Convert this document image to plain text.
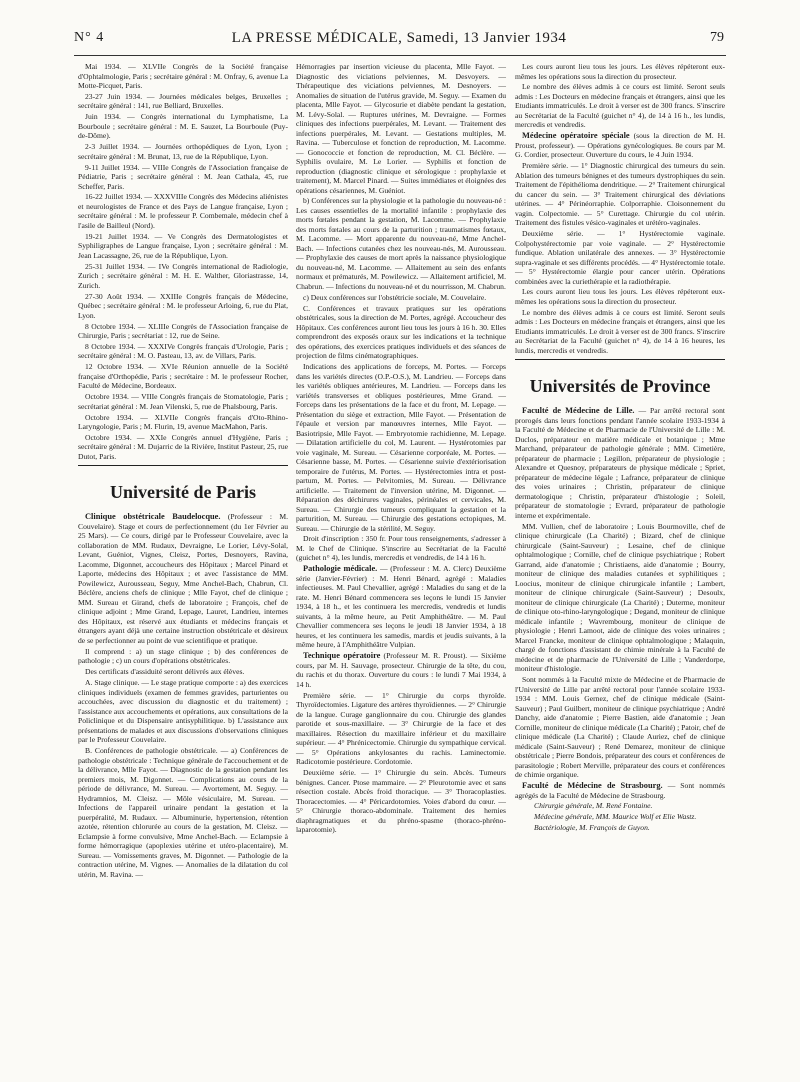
N° 4	LA PRESSE MÉDICALE, Samedi, 13 Janvier 1934	79

Mai 1934. — XLVIIe Congrès de la Société française d'Ophtalmologie, Paris ; secrétaire général : M. Onfray, 6, avenue La Motte-Picquet, Paris.

23-27 Juin 1934. — Journées médicales belges, Bruxelles ; secrétaire général : 141, rue Belliard, Bruxelles.

Juin 1934. — Congrès international du Lymphatisme, La Bourboule ; secrétaire général : M. E. Sauzet, La Bourboule (Puy-de-Dôme).

2-3 Juillet 1934. — Journées orthopédiques de Lyon, Lyon ; secrétaire général : M. Brunat, 13, rue de la République, Lyon.

9-11 Juillet 1934. — VIIIe Congrès de l'Association française de Pédiatrie, Paris ; secrétaire général : M. Jean Cathala, 45, rue Scheffer, Paris.

16-22 Juillet 1934. — XXXVIIIe Congrès des Médecins aliénistes et neurologistes de France et des Pays de Langue française, Lyon ; secrétaire général : M. le professeur P. Combemale, médecin chef à l'asile de Bailleul (Nord).

19-21 Juillet 1934. — Ve Congrès des Dermatologistes et Syphiligraphes de Langue française, Lyon ; secrétaire général : M. Jean Lacassagne, 26, rue de la République, Lyon.

25-31 Juillet 1934. — IVe Congrès international de Radiologie, Zurich ; secrétaire général : M. H. E. Walther, Gloriastrasse, 14, Zurich.

27-30 Août 1934. — XXIIIe Congrès français de Médecine, Québec ; secrétaire général : M. le professeur Arloing, 6, rue du Plat, Lyon.

8 Octobre 1934. — XLIIIe Congrès de l'Association française de Chirurgie, Paris ; secrétariat : 12, rue de Seine.

8 Octobre 1934. — XXXIVe Congrès français d'Urologie, Paris ; secrétaire général : M. O. Pasteau, 13, av. de Villars, Paris.

12 Octobre 1934. — XVIe Réunion annuelle de la Société française d'Orthopédie, Paris ; secrétaire : M. le professeur Rocher, Faculté de Médecine, Bordeaux.

Octobre 1934. — VIIIe Congrès français de Stomatologie, Paris ; secrétariat général : M. Jean Vilenski, 5, rue de Phalsbourg, Paris.

Octobre 1934. — XLVIIe Congrès français d'Oto-Rhino-Laryngologie, Paris ; M. Flurin, 19, avenue MacMahon, Paris.

Octobre 1934. — XXIe Congrès annuel d'Hygiène, Paris ; secrétaire général : M. Dujarric de la Rivière, Institut Pasteur, 25, rue Dutot, Paris.

Université de Paris

Clinique obstétricale Baudelocque. (Professeur : M. Couvelaire). Stage et cours de perfectionnement (du 1er Février au 25 Mars). — Ce cours, dirigé par le Professeur Couvelaire, avec la collaboration de MM. Rudaux, Devraigne, Le Lorier, Lévy-Solal, Levant, Guéniot, Vignes, Cleisz, Portes, Desnoyers, Ravina, Lacomme, Digonnet, accoucheurs des Hôpitaux ; Marcel Pinard et Laporte, médecins des Hôpitaux ; et avec l'assistance de MM. Powilewicz, Aurousseau, Seguy, Mme Anchel-Bach, Chabrun, Cl. Béclère, anciens chefs de clinique ; Mlle Fayot, chef de clinique ; MM. Sureau et Girand, chefs de laboratoire ; François, chef de clinique adjoint ; Mme Grand, Lepage, Lauret, Landrieu, internes des Hôpitaux, est réservé aux étudiants et médecins français et étrangers ayant déjà une certaine instruction obstétricale et désireux de se perfectionner au point de vue scientifique et pratique.

Il comprend : a) un stage clinique ; b) des conférences de pathologie ; c) un cours d'opérations obstétricales.

Des certificats d'assiduité seront délivrés aux élèves.

A. Stage clinique. — Le stage pratique comporte : a) des exercices cliniques individuels (examen de femmes gravides, parturientes ou accouchées, avec discussion du diagnostic et du traitement) ; l'assistance aux accouchements et opérations, aux consultations de la Policlinique et du Dispensaire antisyphilitique. b) L'assistance aux présentations de malades et aux discussions d'observations cliniques par le Professeur Couvelaire.

B. Conférences de pathologie obstétricale. — a) Conférences de pathologie obstétricale : Technique générale de l'accouchement et de la délivrance, Mlle Fayot. — Diagnostic de la gestation pendant les premiers mois, M. Digonnet. — Complications au cours de la période de délivrance, M. Sureau. — Avortement, M. Seguy. — Hydramnios, M. Cleisz. — Môle vésiculaire, M. Sureau. — Infections de l'appareil urinaire pendant la gestation et la puerpéralité, M. Rudaux. — Albuminurie, hypertension, rétention azotée, rétention chlorurée au cours de la gestation, M. Cleisz. — Eclampsie à forme convulsive, Mme Anchel-Bach. — Eclampsie à forme hémorragique (apoplexies utérine et utéro-placentaire), M. Sureau. — Vomissements graves, M. Digonnet. — Pathologie de la contraction utérine, M. Vignes. — Anomalies de la dilatation du col utérin, M. Ravina. —

Hémorragies par insertion vicieuse du placenta, Mlle Fayot. — Diagnostic des viciations pelviennes, M. Desvoyers. — Thérapeutique des viciations pelviennes, M. Desnoyers. — Anomalies de situation de l'utérus gravide, M. Seguy. — Examen du placenta, Mlle Fayot. — Glycosurie et diabète pendant la gestation, M. Lévy-Solal. — Ruptures utérines, M. Devraigne. — Formes cliniques des infections puerpérales, M. Levant. — Traitement des infections puerpérales, M. Levant. — Gestations multiples, M. Ravina. — Tuberculose et fonction de reproduction, M. Lacomme. — Gonococcie et fonction de reproduction, M. Cl. Béclère. — Syphilis ovulaire, M. Le Lorier. — Syphilis et fonction de reproduction (diagnostic clinique et sérologique : prophylaxie et traitement), M. Marcel Pinard. — Suites immédiates et éloignées des opérations césariennes, M. Guéniot.

b) Conférences sur la physiologie et la pathologie du nouveau-né : Les causes essentielles de la mortalité infantile : prophylaxie des morts fœtales pendant la gestation, M. Lacomme. — Prophylaxie des morts fœtales au cours de la parturition ; traumatismes fœtaux, M. Lacomme. — Mort apparente du nouveau-né, Mme Anchel-Bach. — Infections cutanées chez les nouveau-nés, M. Aurousseau. — Prophylaxie des causes de mort après la naissance physiologique du nouveau-né, M. Lacomme. — Allaitement au sein des enfants normaux et prématurés, M. Powilewicz. — Allaitement artificiel, M. Chabrun. — Infections du nouveau-né et du nourrisson, M. Chabrun.

c) Deux conférences sur l'obstétricie sociale, M. Couvelaire.

C. Conférences et travaux pratiques sur les opérations obstétricales, sous la direction de M. Portes, agrégé. Accoucheur des Hôpitaux. Ces conférences auront lieu tous les jours à 16 h. 30. Elles comprendront des exposés oraux sur les indications et la technique des opérations, des exercices pratiques individuels et des séances de projection de films cinématographiques.

Indications des applications de forceps, M. Portes. — Forceps dans les variétés directes (O.P.-O.S.), M. Landrieu. — Forceps dans les variétés obliques antérieures, M. Landrieu. — Forceps dans les variétés transverses et obliques postérieures, Mme Grand. — Forceps dans les présentations de la face et du front, M. Lepage. — Présentation du siège et extraction, Mlle Fayot. — Présentation de l'épaule et version par manœuvres internes, Mlle Fayot. — Basiotripsie, Mlle Fayot. — Embryotomie rachidienne, M. Lepage. — Dilatation artificielle du col, M. Laurent. — Hystérotomies par voie vaginale, M. Sureau. — Césarienne corporéale, M. Portes. — Césarienne basse, M. Portes. — Césarienne suivie d'extériorisation temporaire de l'utérus, M. Portes. — Hystérectomies intra et post-partum, M. Portes. — Pelvitomies, M. Sureau. — Délivrance artificielle. — Traitement de l'inversion utérine, M. Digonnet. — Réparation des déchirures vaginales, périnéales et cervicales, M. Sureau. — Chirurgie des tumeurs compliquant la gestation et la parturition, M. Sureau. — Chirurgie des gestations ectopiques, M. Sureau. — Chirurgie de la stérilité, M. Seguy.

Droit d'inscription : 350 fr. Pour tous renseignements, s'adresser à M. le Chef de Clinique. S'inscrire au Secrétariat de la Faculté (guichet n° 4), les lundis, mercredis et vendredis, de 14 à 16 h.

Pathologie médicale. — (Professeur : M. A. Clerc) Deuxième série (Janvier-Février) : M. Henri Bénard, agrégé : Maladies infectieuses. M. Paul Chevallier, agrégé : Maladies du sang et de la rate. M. Henri Bénard commencera ses leçons le lundi 15 Janvier 1934, à 18 h., et les continuera les mercredis, vendredis et lundis suivants, à la même heure, au Petit Amphithéâtre. — M. Paul Chevallier commencera ses leçons le jeudi 18 Janvier 1934, à 18 heures, et les continuera les samedis, mardis et jeudis suivants, à la même heure, à l'Amphithéâtre Vulpian.

Technique opératoire (Professeur M. R. Proust). — Sixième cours, par M. H. Sauvage, prosecteur. Chirurgie de la tête, du cou, du rachis et du thorax. Ouverture du cours : le lundi 7 Mai 1934, à 14 h.

Première série. — 1° Chirurgie du corps thyroïde. Thyroïdectomies. Ligature des artères thyroïdiennes. — 2° Chirurgie de la langue. Curage ganglionnaire du cou. Chirurgie des glandes parotide et sous-maxillaire. — 3° Chirurgie de la face et des maxillaires. Résection du maxillaire inférieur et du maxillaire supérieur. — 4° Phrénicectomie. Chirurgie du sympathique cervical. — 5° Opérations ankylosantes du rachis. Laminectomie. Radicotomie postérieure. Cordotomie.

Deuxième série. — 1° Chirurgie du sein. Abcès. Tumeurs bénignes. Cancer. Ptose mammaire. — 2° Pleurotomie avec et sans résection costale. Abcès froid thoracique. — 3° Thoracoplasties. Thoracectomies. — 4° Péricardotomies. Voies d'abord du cœur. — 5° Chirurgie thoraco-abdominale. Traitement des hernies diaphragmatiques et du phréno-spasme (thoraco-phréno-laparotomie).

Les cours auront lieu tous les jours. Les élèves répéteront eux-mêmes les opérations sous la direction du prosecteur.

Le nombre des élèves admis à ce cours est limité. Seront seuls admis : Les Docteurs en médecine français et étrangers, ainsi que les Etudiants immatriculés. Le droit à verser est de 300 francs. S'inscrire au Secrétariat de la Faculté (guichet n° 4), de 14 à 16 h., les lundis, mercredis et vendredis.

Médecine opératoire spéciale (sous la direction de M. H. Proust, professeur). — Opérations gynécologiques. 8e cours par M. G. Cordier, prosecteur. Ouverture du cours, le 4 Juin 1934.

Première série. — 1° Diagnostic chirurgical des tumeurs du sein. Ablation des tumeurs bénignes et des tumeurs dystrophiques du sein. Traitement de l'épithélioma dendritique. — 2° Traitement chirurgical du cancer du sein. — 3° Traitement chirurgical des déviations utérines. — 4° Périnéorraphie. Colporraphie. Cloisonnement du vagin. Colpectomie. — 5° Curettage. Chirurgie du col utérin. Traitement des fistules vésico-vaginales et urétéro-vaginales.

Deuxième série. — 1° Hystérectomie vaginale. Colpohystérectomie par voie vaginale. — 2° Hystérectomie fundique. Ablation unilatérale des annexes. — 3° Hystérectomie supra-vaginale et ses différents procédés. — 4° Hystérectomie totale. — 5° Hystérectomie élargie pour cancer utérin. Opérations combinées avec la curiethérapie et la radiothérapie.

Les cours auront lieu tous les jours. Les élèves répéteront eux-mêmes les opérations sous la direction du prosecteur.

Le nombre des élèves admis à ce cours est limité. Seront seuls admis : Les Docteurs en médecine français et étrangers, ainsi que les Etudiants immatriculés. Le droit à verser est de 300 francs. S'inscrire au Secrétariat de la Faculté (guichet n° 4), de 14 à 16 heures, les lundis, mercredis et vendredis.

Universités de Province

Faculté de Médecine de Lille. — Par arrêté rectoral sont prorogés dans leurs fonctions pendant l'année scolaire 1933-1934 à la Faculté de Médecine et de Pharmacie de l'Université de Lille : M. Duclos, préparateur en matière médicale et botanique ; Mme Marchand, préparateur de pathologie générale ; MM. Cimetière, préparateur de pharmacie ; Legillon, préparateur de physiologie ; Alexandre et Quesnoy, préparateurs de physique médicale ; Spriet, préparateur de médecine légale ; Lafrance, préparateur de clinique des voies urinaires ; Christin, préparateur de clinique dermatologique ; Christin, préparateur d'histologie ; Soleil, préparateur de stomatologie ; Evrard, préparateur de pathologie interne et expérimentale.

MM. Vullien, chef de laboratoire ; Louis Bourmoville, chef de clinique chirurgicale (La Charité) ; Bizard, chef de clinique chirurgicale (Saint-Sauveur) ; Lesaine, chef de clinique ophtalmologique ; Cornille, chef de clinique psychiatrique ; Robert Garrand, aide d'anatomie ; Christiaens, aide d'anatomie ; Bourry, moniteur de clinique des maladies cutanées et syphilitiques ; Loocius, moniteur de clinique chirurgicale infantile ; Lambert, moniteur de clinique chirurgicale (Saint-Sauveur) ; Desoulx, moniteur de clinique chirurgicale (La Charité) ; Duterme, moniteur de clinique oto-rhino-laryngologique ; Degand, moniteur de clinique médicale infantile ; Wavrembourg, moniteur de clinique de physiologie ; Henri Lamoot, aide de clinique des voies urinaires ; Marcel Francke, moniteur de clinique ophtalmologique ; Malaquin, chargé de fonctions d'assistant de chimie minérale à la Faculté de médecine et de pharmacie de l'Université de Lille ; Vanderdorpe, moniteur d'histologie.

Sont nommés à la Faculté mixte de Médecine et de Pharmacie de l'Université de Lille par arrêté rectoral pour l'année scolaire 1933-1934 : MM. Louis Gernez, chef de clinique médicale (Saint-Sauveur) ; Paul Guilbert, moniteur de clinique psychiatrique ; André Danchy, aide d'anatomie ; Pierre Bastien, aide d'anatomie ; Jean Cornille, moniteur de clinique médicale (La Charité) ; Patoir, chef de clinique médicale (La Charité) ; Claude Auriez, chef de clinique médicale (Saint-Sauveur) ; René Demarez, moniteur de clinique obstétricale ; Pierre Bondois, préparateur des cours et conférences de parasitologie ; Robert Merville, préparateur des cours et conférences de chimie organique.

Faculté de Médecine de Strasbourg. — Sont nommés agrégés de la Faculté de Médecine de Strasbourg.

Chirurgie générale, M. René Fontaine.

Médecine générale, MM. Maurice Wolf et Elie Wastz.

Bactériologie, M. François de Guyon.
